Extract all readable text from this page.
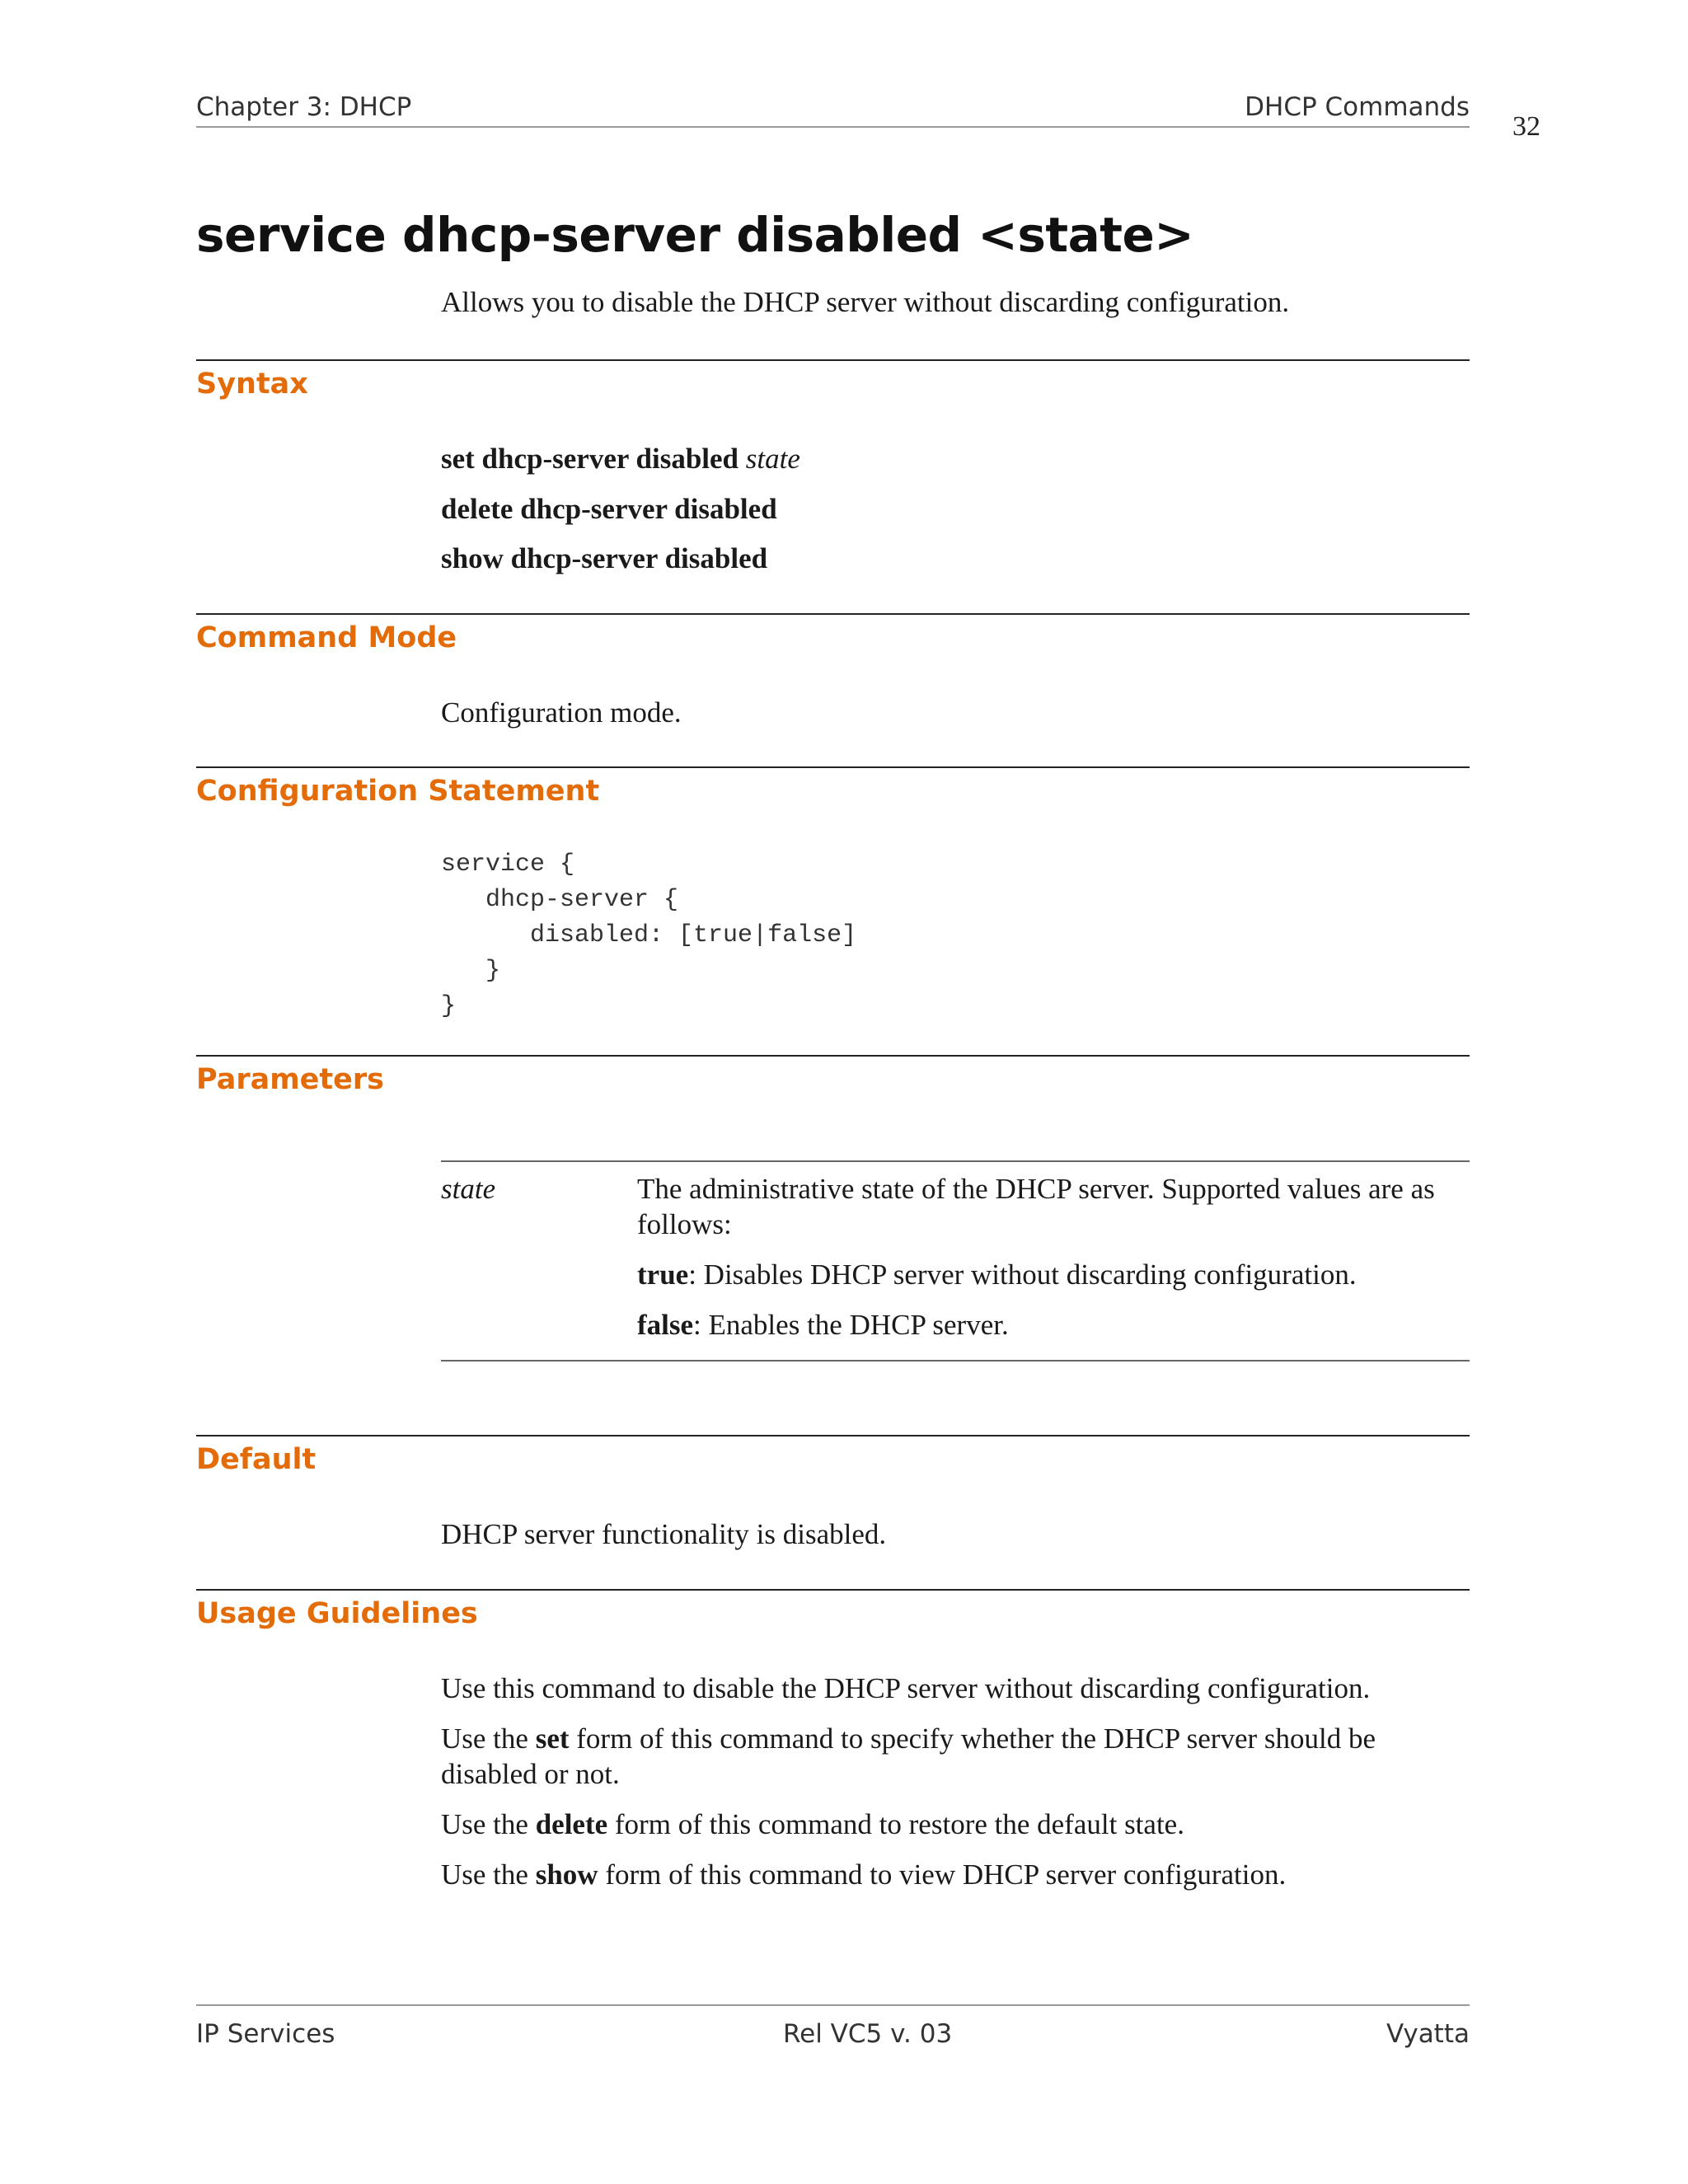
Chapter 3: DHCP	DHCP Commands
32
service dhcp-server disabled <state>
Allows you to disable the DHCP server without discarding configuration.
Syntax
set dhcp-server disabled state
delete dhcp-server disabled
show dhcp-server disabled
Command Mode
Configuration mode.
Configuration Statement
service {
dhcp-server {
disabled: [true|false]
}
}
Parameters
state	The administrative state of the DHCP server. Supported values are as follows:
true: Disables DHCP server without discarding configuration.
false: Enables the DHCP server.
Default
DHCP server functionality is disabled.
Usage Guidelines
Use this command to disable the DHCP server without discarding configuration.
Use the set form of this command to specify whether the DHCP server should be disabled or not.
Use the delete form of this command to restore the default state.
Use the show form of this command to view DHCP server configuration.
IP Services	Rel VC5 v. 03	Vyatta
